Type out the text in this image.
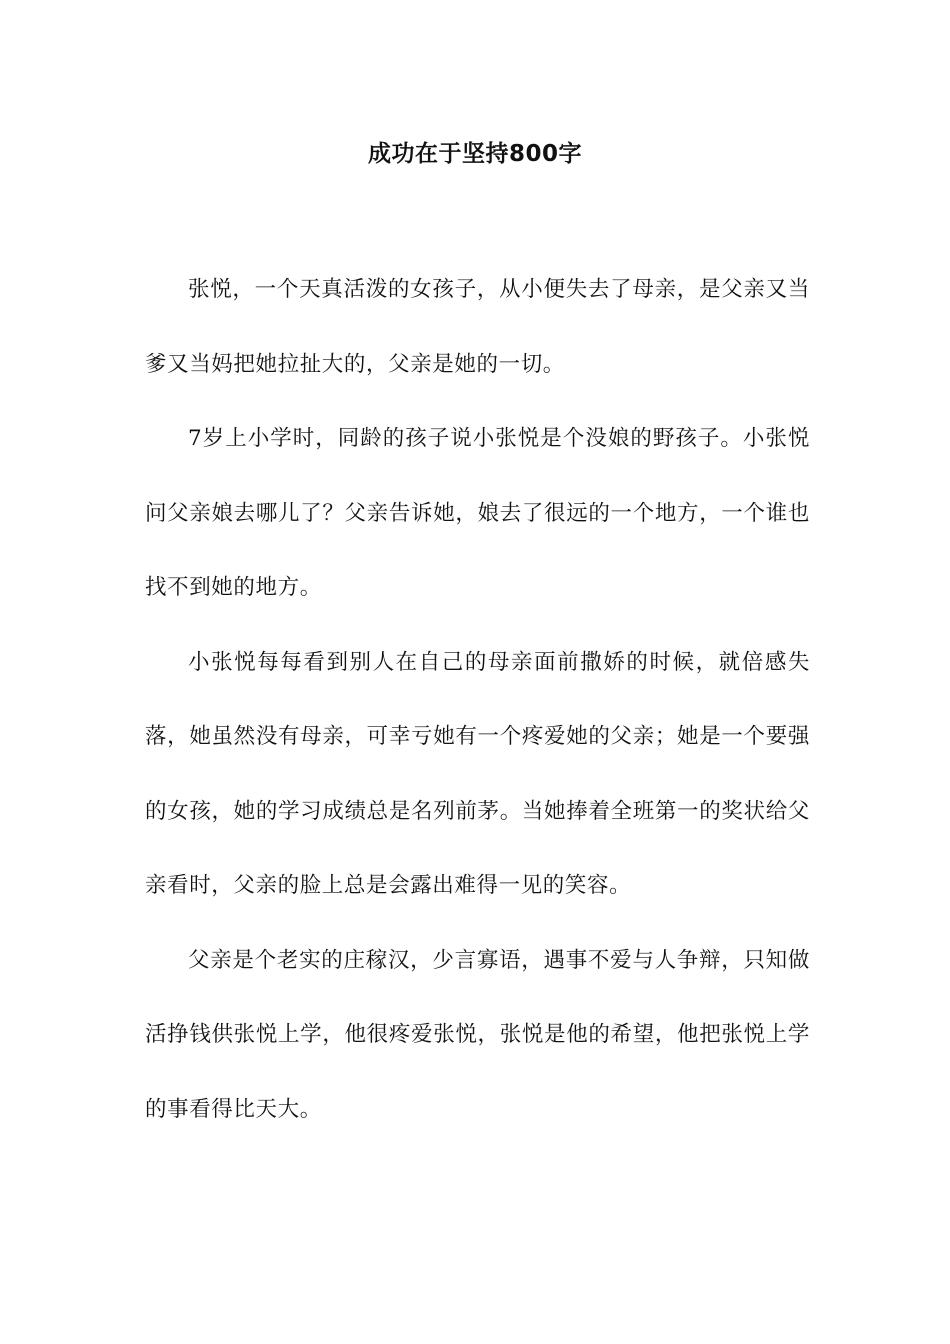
成功在于坚持800字

张悦，一个天真活泼的女孩子，从小便失去了母亲，是父亲又当爹又当妈把她拉扯大的，父亲是她的一切。

7岁上小学时，同龄的孩子说小张悦是个没娘的野孩子。小张悦问父亲娘去哪儿了？父亲告诉她，娘去了很远的一个地方，一个谁也找不到她的地方。

小张悦每每看到别人在自己的母亲面前撒娇的时候，就倍感失落，她虽然没有母亲，可幸亏她有一个疼爱她的父亲；她是一个要强的女孩，她的学习成绩总是名列前茅。当她捧着全班第一的奖状给父亲看时，父亲的脸上总是会露出难得一见的笑容。

父亲是个老实的庄稼汉，少言寡语，遇事不爱与人争辩，只知做活挣钱供张悦上学，他很疼爱张悦，张悦是他的希望，他把张悦上学的事看得比天大。
